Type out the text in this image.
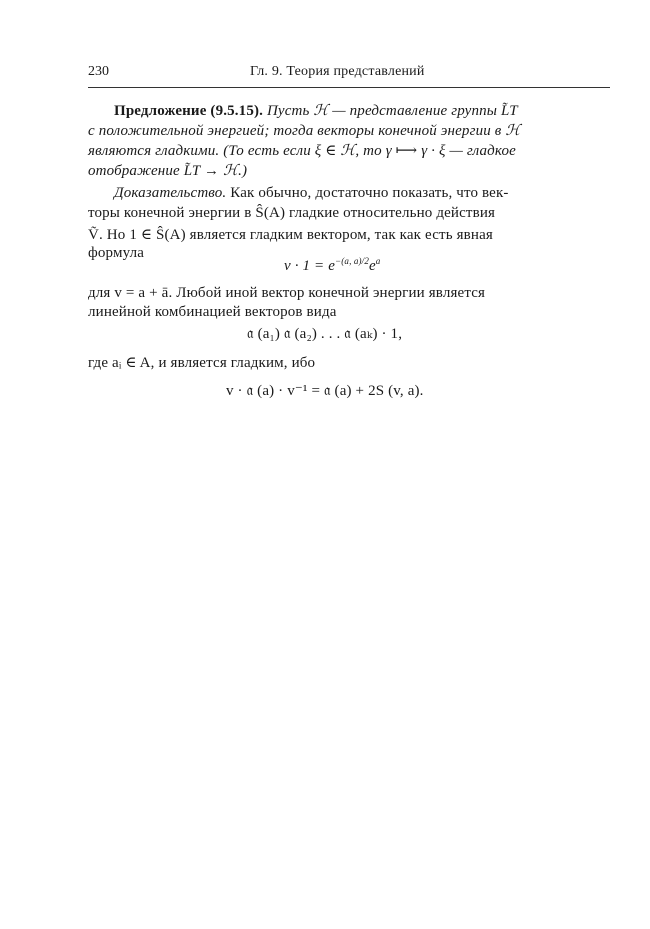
230	Гл. 9. Теория представлений
Предложение (9.5.15). Пусть ℋ — представление группы L̃T
с положительной энергией; тогда векторы конечной энергии в ℋ
являются гладкими. (То есть если ξ ∈ ℋ, то γ ⟼ γ · ξ — гладкое
отображение L̃T → ℋ.)
Доказательство. Как обычно, достаточно показать, что век-
торы конечной энергии в Ŝ(A) гладкие относительно действия
Ṽ. Но 1 ∈ Ŝ(A) является гладким вектором, так как есть явная
формула
$v \cdot 1 = e^{-(a, a)/2}e^a$
для v = a + ā. Любой иной вектор конечной энергии является
линейной комбинацией векторов вида
𝔞 (a₁) 𝔞 (a₂) . . . 𝔞 (aₖ) · 1,
где aᵢ ∈ A, и является гладким, ибо
v · 𝔞 (a) · v⁻¹ = 𝔞 (a) + 2S (v, a).
